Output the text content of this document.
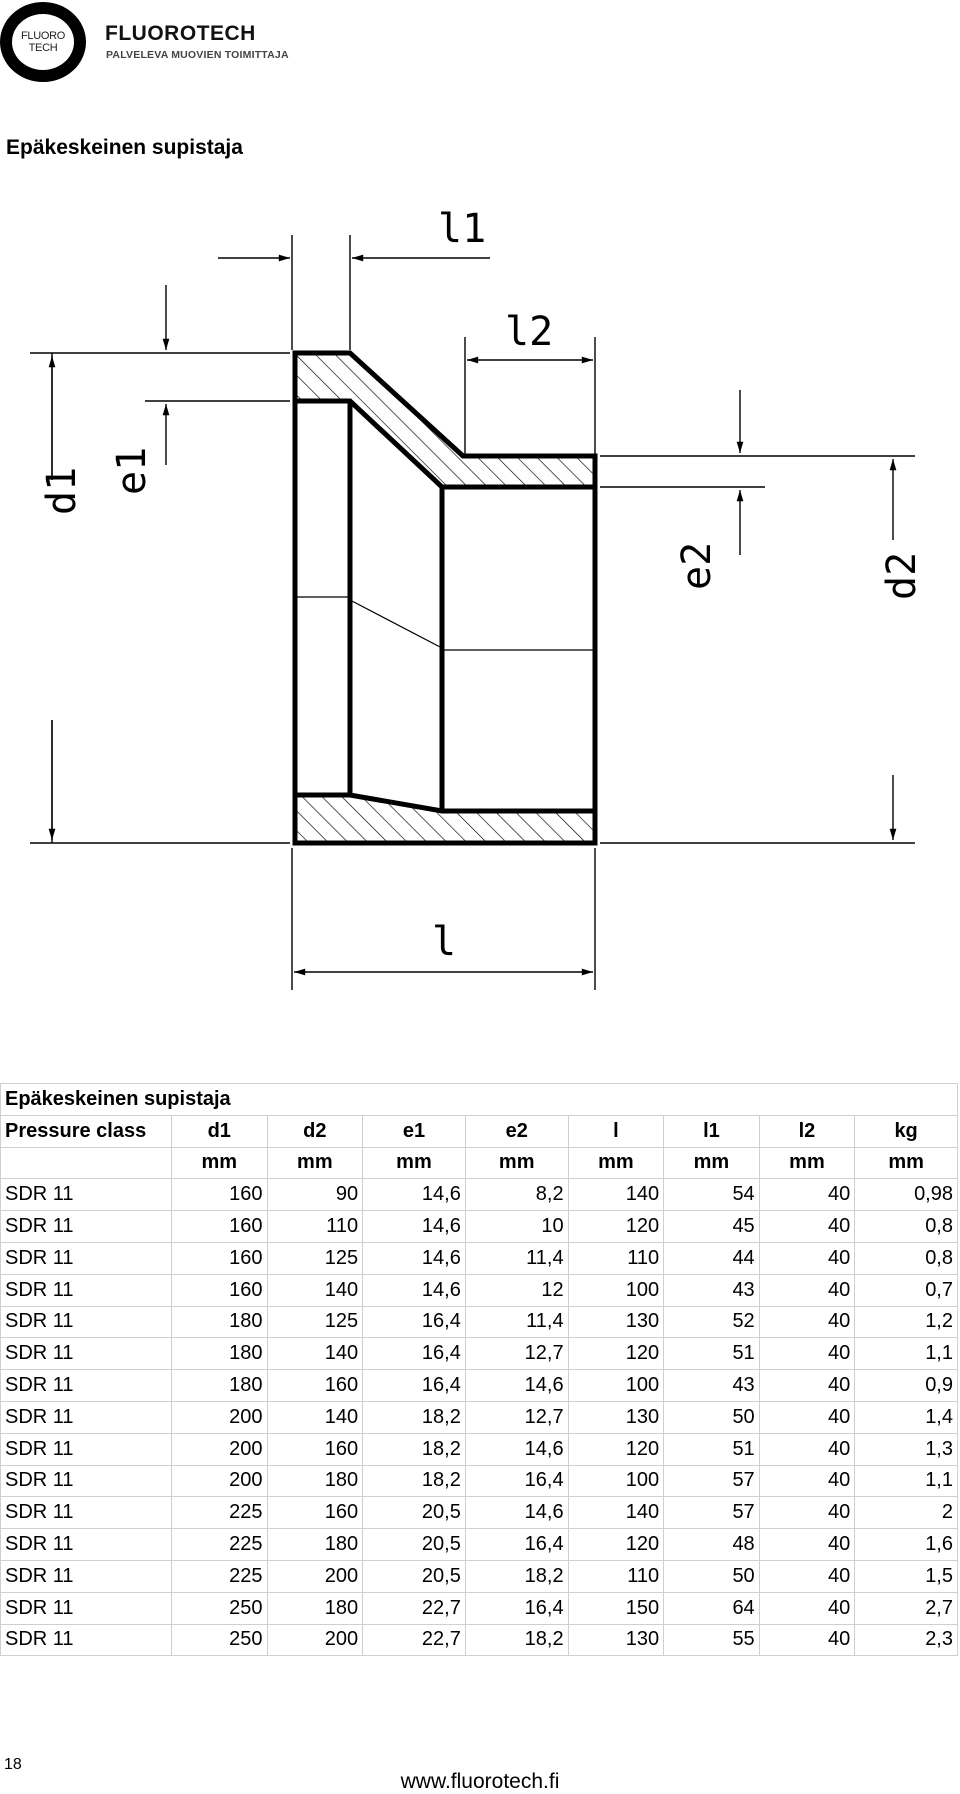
FLUORO
TECH
FLUOROTECH
PALVELEVA MUOVIEN TOIMITTAJA
Epäkeskeinen supistaja
l1
l2
l
d1 e1
e2	d2
Epäkeskeinen supistaja								
Pressure class	d1	d2	e1	e2	l	l1	l2	kg
	mm	mm	mm	mm	mm	mm	mm	mm
SDR 11	160	90	14,6	8,2	140	54	40	0,98
SDR 11	160	110	14,6	10	120	45	40	0,8
SDR 11	160	125	14,6	11,4	110	44	40	0,8
SDR 11	160	140	14,6	12	100	43	40	0,7
SDR 11	180	125	16,4	11,4	130	52	40	1,2
SDR 11	180	140	16,4	12,7	120	51	40	1,1
SDR 11	180	160	16,4	14,6	100	43	40	0,9
SDR 11	200	140	18,2	12,7	130	50	40	1,4
SDR 11	200	160	18,2	14,6	120	51	40	1,3
SDR 11	200	180	18,2	16,4	100	57	40	1,1
SDR 11	225	160	20,5	14,6	140	57	40	2
SDR 11	225	180	20,5	16,4	120	48	40	1,6
SDR 11	225	200	20,5	18,2	110	50	40	1,5
SDR 11	250	180	22,7	16,4	150	64	40	2,7
SDR 11	250	200	22,7	18,2	130	55	40	2,3
18
www.fluorotech.fi
